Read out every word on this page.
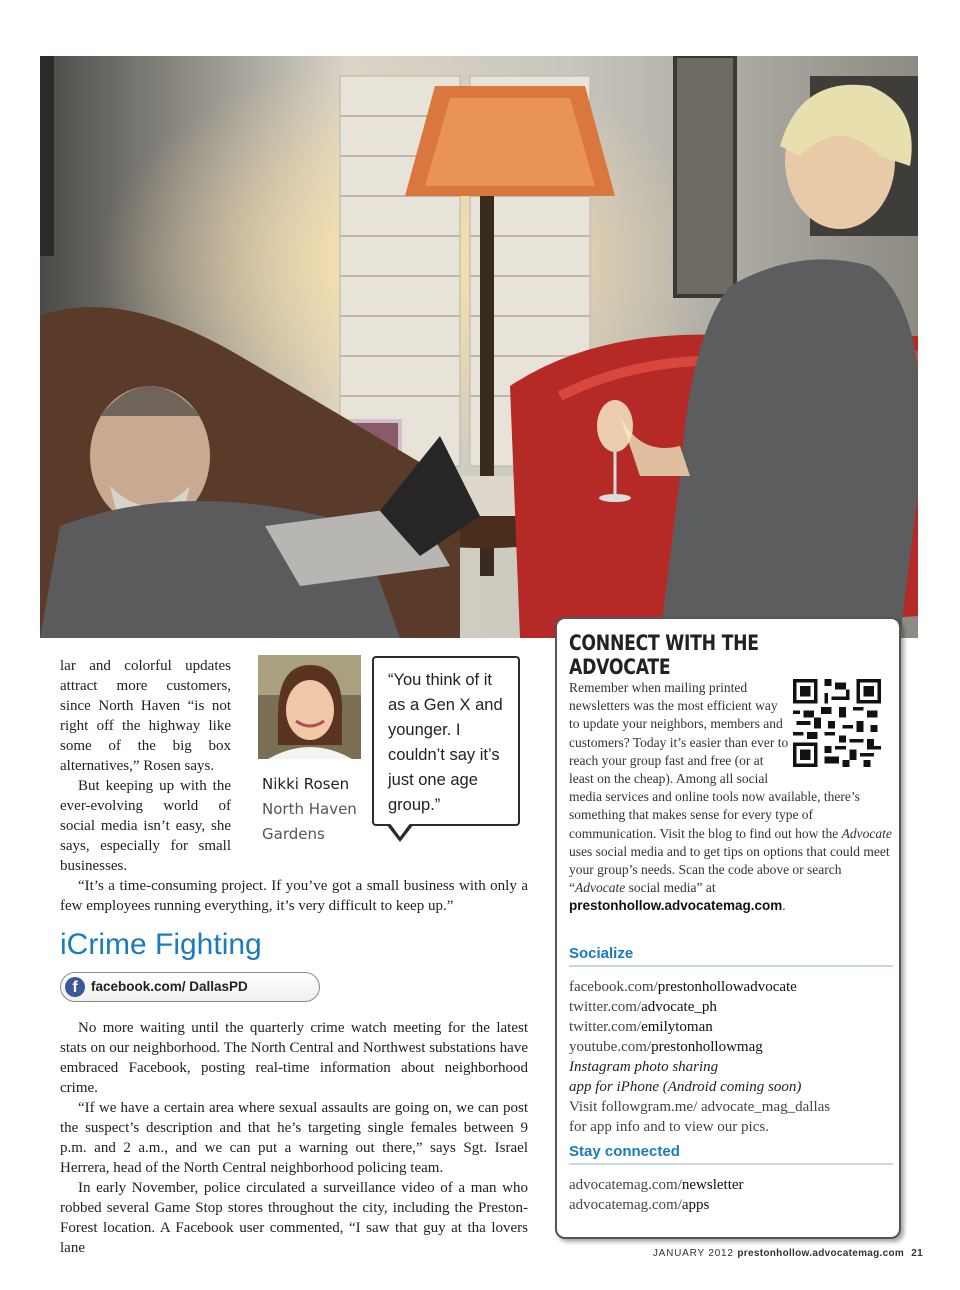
lar and colorful updates attract more customers, since North Haven “is not right off the highway like some of the big box alternatives,” Rosen says.

But keeping up with the ever-evolving world of social media isn’t easy, she says, especially for small businesses.

Nikki Rosen
North Haven
Gardens
“You think of it as a Gen X and younger. I couldn’t say it’s just one age group.”

“It’s a time-consuming project. If you’ve got a small business with only a few employees running everything, it’s very difficult to keep up.”

iCrime Fighting
f facebook.com/ DallasPD

No more waiting until the quarterly crime watch meeting for the latest stats on our neighborhood. The North Central and Northwest substations have embraced Facebook, posting real-time information about neighborhood crime.

“If we have a certain area where sexual assaults are going on, we can post the suspect’s description and that he’s targeting single females between 9 p.m. and 2 a.m., and we can put a warning out there,” says Sgt. Israel Herrera, head of the North Central neighborhood policing team.

In early November, police circulated a surveillance video of a man who robbed several Game Stop stores throughout the city, including the Preston-Forest location. A Facebook user commented, “I saw that guy at tha lovers lane

CONNECT WITH THE ADVOCATE

Remember when mailing printed newsletters was the most efficient way to update your neighbors, members and customers? Today it’s easier than ever to reach your group fast and free (or at least on the cheap). Among all social media services and online tools now available, there’s something that makes sense for every type of communication. Visit the blog to find out how the Advocate uses social media and to get tips on options that could meet your group’s needs. Scan the code above or search “Advocate social media” at prestonhollow.advocatemag.com.

Socialize
facebook.com/prestonhollowadvocate
twitter.com/advocate_ph
twitter.com/emilytoman
youtube.com/prestonhollowmag
Instagram photo sharing
app for iPhone (Android coming soon)
Visit followgram.me/ advocate_mag_dallas
for app info and to view our pics.
Stay connected
advocatemag.com/newsletter
advocatemag.com/apps
JANUARY 2012 prestonhollow.advocatemag.com 21
